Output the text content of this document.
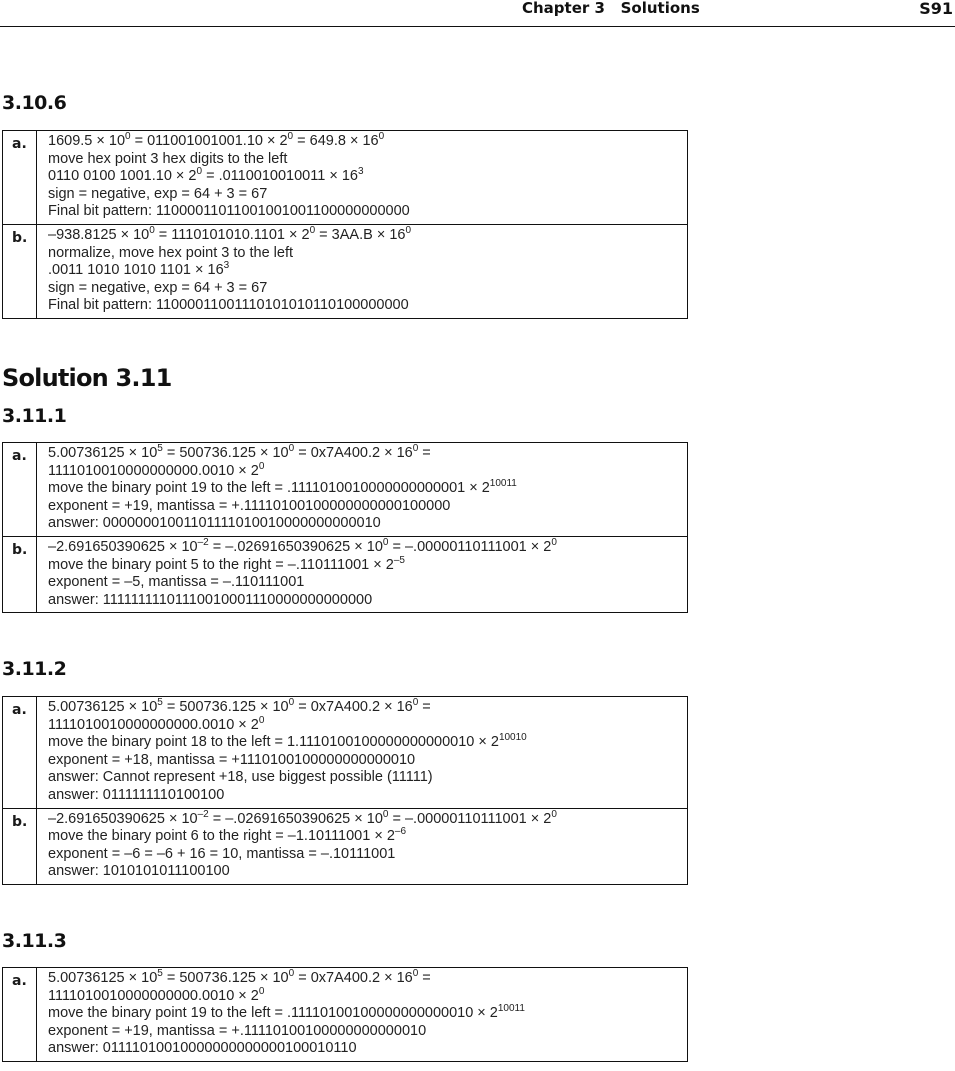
Chapter 3   Solutions	S91
3.10.6
a.	$1609.5 \times 10^0 = 011001001001.10 \times 2^0 = 649.8 \times 16^0$
move hex point 3 hex digits to the left
0110 0100 $1001.10 \times 2^0 = .0110010010011 \times 16^3$
sign = negative, exp = 64 + 3 = 67
Final bit pattern: 11000011011001001001100000000000
b.	$-938.8125 \times 10^0 = 1110101010.1101 \times 2^0 = 3AA.B \times 16^0$
normalize, move hex point 3 to the left
.0011 1010 1010 $1101 \times 16^3$
sign = negative, exp = 64 + 3 = 67
Final bit pattern: 11000011001110101010110100000000
Solution 3.11
3.11.1
a.	$5.00736125 \times 10^5 = 500736.125 \times 10^0 = 0x7A400.2 \times 16^0$ =
$1111010010000000000.0010 \times 2^0$
move the binary point 19 to the left = $.1111010010000000000001 \times 2^{10011}$
exponent = +19, mantissa = +.11110100100000000000100000
answer: 00000001001101111010010000000000010
b.	$-2.691650390625 \times 10^{-2} = -.02691650390625 \times 10^0 = -.00000110111001 \times 2^0$
move the binary point 5 to the right = $-.110111001 \times 2^{-5}$
exponent = –5, mantissa = –.110111001
answer: 11111111101110010001110000000000000
3.11.2
a.	$5.00736125 \times 10^5 = 500736.125 \times 10^0 = 0x7A400.2 \times 16^0$ =
$1111010010000000000.0010 \times 2^0$
move the binary point 18 to the left = $1.1110100100000000000010 \times 2^{10010}$
exponent = +18, mantissa = +1110100100000000000010
answer: Cannot represent +18, use biggest possible (11111)
answer: 0111111110100100
b.	$-2.691650390625 \times 10^{-2} = -.02691650390625 \times 10^0 = -.00000110111001 \times 2^0$
move the binary point 6 to the right = $-1.10111001 \times 2^{-6}$
exponent = –6 = –6 + 16 = 10, mantissa = –.10111001
answer: 1010101011100100
3.11.3
a.	$5.00736125 \times 10^5 = 500736.125 \times 10^0 = 0x7A400.2 \times 16^0$ =
$1111010010000000000.0010 \times 2^0$
move the binary point 19 to the left = $.11110100100000000000010 \times 2^{10011}$
exponent = +19, mantissa = +.11110100100000000000010
answer: 01111010010000000000000100010110
